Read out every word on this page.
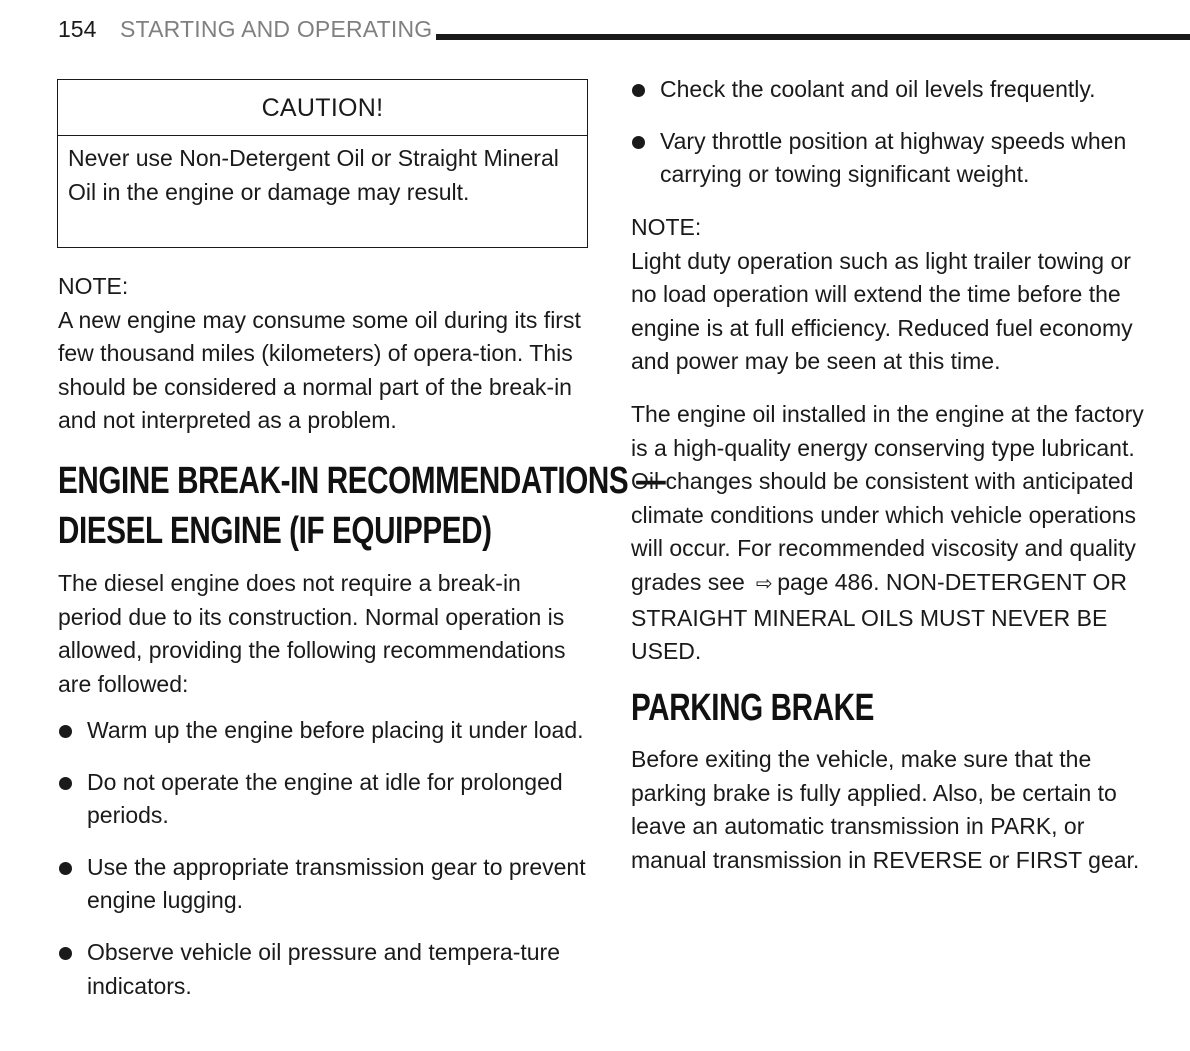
154 STARTING AND OPERATING
CAUTION!
Never use Non-Detergent Oil or Straight Mineral Oil in the engine or damage may result.
NOTE:

A new engine may consume some oil during its first few thousand miles (kilometers) of opera-tion. This should be considered a normal part of the break-in and not interpreted as a problem.

ENGINE BREAK-IN RECOMMENDATIONS —
DIESEL ENGINE (IF EQUIPPED)

The diesel engine does not require a break-in period due to its construction. Normal operation is allowed, providing the following recommendations are followed:

Warm up the engine before placing it under load.
Do not operate the engine at idle for prolonged periods.
Use the appropriate transmission gear to prevent engine lugging.
Observe vehicle oil pressure and tempera-ture indicators.
Check the coolant and oil levels frequently.
Vary throttle position at highway speeds when carrying or towing significant weight.
NOTE:

Light duty operation such as light trailer towing or no load operation will extend the time before the engine is at full efficiency. Reduced fuel economy and power may be seen at this time.

The engine oil installed in the engine at the factory is a high-quality energy conserving type lubricant. Oil changes should be consistent with anticipated climate conditions under which vehicle operations will occur. For recommended viscosity and quality grades see ⇨ page 486. NON-DETERGENT OR STRAIGHT MINERAL OILS MUST NEVER BE USED.

PARKING BRAKE

Before exiting the vehicle, make sure that the parking brake is fully applied. Also, be certain to leave an automatic transmission in PARK, or manual transmission in REVERSE or FIRST gear.
